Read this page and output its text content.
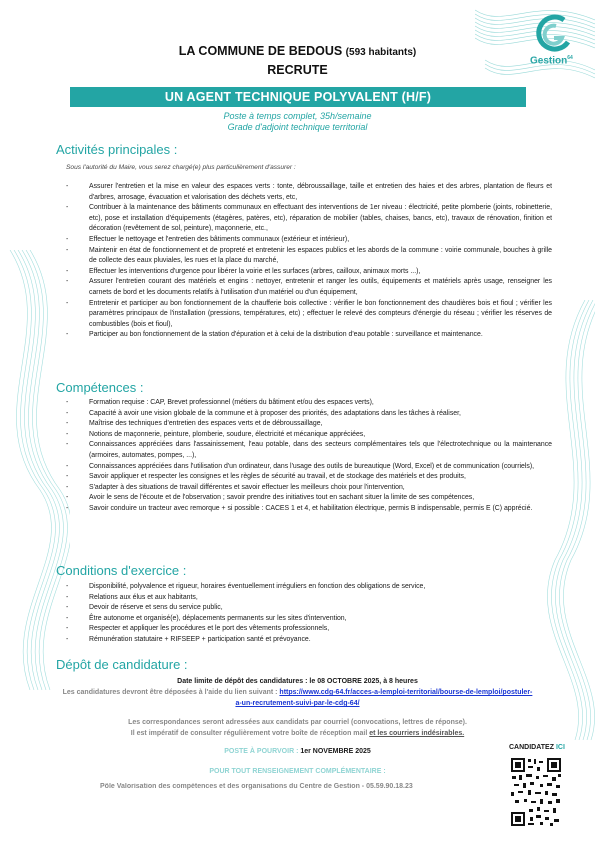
Gestion$^{64}$
LA COMMUNE DE BEDOUS (593 habitants)
RECRUTE
UN AGENT TECHNIQUE POLYVALENT (H/F)
Poste à temps complet, 35h/semaine
Grade d'adjoint technique territorial
Activités principales :
Sous l'autorité du Maire, vous serez chargé(e) plus particulièrement d'assurer :
- Assurer l'entretien et la mise en valeur des espaces verts : tonte, débroussaillage, taille et entretien des haies et des arbres, plantation de fleurs et d'arbres, arrosage, évacuation et valorisation des déchets verts, etc,
- Contribuer à la maintenance des bâtiments communaux en effectuant des interventions de 1er niveau : électricité, petite plomberie (joints, robinetterie, etc), pose et installation d'équipements (étagères, patères, etc), réparation de mobilier (tables, chaises, bancs, etc), travaux de rénovation, finition et décoration (revêtement de sol, peinture), maçonnerie, etc.,
- Effectuer le nettoyage et l'entretien des bâtiments communaux (extérieur et intérieur),
- Maintenir en état de fonctionnement et de propreté et entretenir les espaces publics et les abords de la commune : voirie communale, bouches à grille de collecte des eaux pluviales, les rues et la place du marché,
- Effectuer les interventions d'urgence pour libérer la voirie et les surfaces (arbres, cailloux, animaux morts ...),
- Assurer l'entretien courant des matériels et engins : nettoyer, entretenir et ranger les outils, équipements et matériels après usage, renseigner les carnets de bord et les documents relatifs à l'utilisation d'un matériel ou d'un équipement,
- Entretenir et participer au bon fonctionnement de la chaufferie bois collective : vérifier le bon fonctionnement des chaudières bois et fioul ; vérifier les paramètres principaux de l'installation (pressions, températures, etc) ; effectuer le relevé des compteurs d'énergie du réseau ; vérifier les réserves de combustibles (bois et fioul),
- Participer au bon fonctionnement de la station d'épuration et à celui de la distribution d'eau potable : surveillance et maintenance.
Compétences :
- Formation requise : CAP, Brevet professionnel (métiers du bâtiment et/ou des espaces verts),
- Capacité à avoir une vision globale de la commune et à proposer des priorités, des adaptations dans les tâches à réaliser,
- Maîtrise des techniques d'entretien des espaces verts et de débroussaillage,
- Notions de maçonnerie, peinture, plomberie, soudure, électricité et mécanique appréciées,
- Connaissances appréciées dans l'assainissement, l'eau potable, dans des secteurs complémentaires tels que l'électrotechnique ou la maintenance (armoires, automates, pompes, ...),
- Connaissances appréciées dans l'utilisation d'un ordinateur, dans l'usage des outils de bureautique (Word, Excel) et de communication (courriels),
- Savoir appliquer et respecter les consignes et les règles de sécurité au travail, et de stockage des matériels et des produits,
- S'adapter à des situations de travail différentes et savoir effectuer les meilleurs choix pour l'intervention,
- Avoir le sens de l'écoute et de l'observation ; savoir prendre des initiatives tout en sachant situer la limite de ses compétences,
- Savoir conduire un tracteur avec remorque + si possible : CACES 1 et 4, et habilitation électrique, permis B indispensable, permis E (C) apprécié.
Conditions d'exercice :
- Disponibilité, polyvalence et rigueur, horaires éventuellement irréguliers en fonction des obligations de service,
- Relations aux élus et aux habitants,
- Devoir de réserve et sens du service public,
- Être autonome et organisé(e), déplacements permanents sur les sites d'intervention,
- Respecter et appliquer les procédures et le port des vêtements professionnels,
- Rémunération statutaire + RIFSEEP + participation santé et prévoyance.
Dépôt de candidature :
Date limite de dépôt des candidatures : le 08 OCTOBRE 2025, à 8 heures
Les candidatures devront être déposées à l'aide du lien suivant : https://www.cdg-64.fr/acces-a-lemploi-territorial/bourse-de-lemploi/postuler-a-un-recrutement-suivi-par-le-cdg-64/
Les correspondances seront adressées aux candidats par courriel (convocations, lettres de réponse).
Il est impératif de consulter régulièrement votre boîte de réception mail et les courriers indésirables.
POSTE À POURVOIR : 1er NOVEMBRE 2025
POUR TOUT RENSEIGNEMENT COMPLÉMENTAIRE :
Pôle Valorisation des compétences et des organisations du Centre de Gestion - 05.59.90.18.23
CANDIDATEZ ICI
